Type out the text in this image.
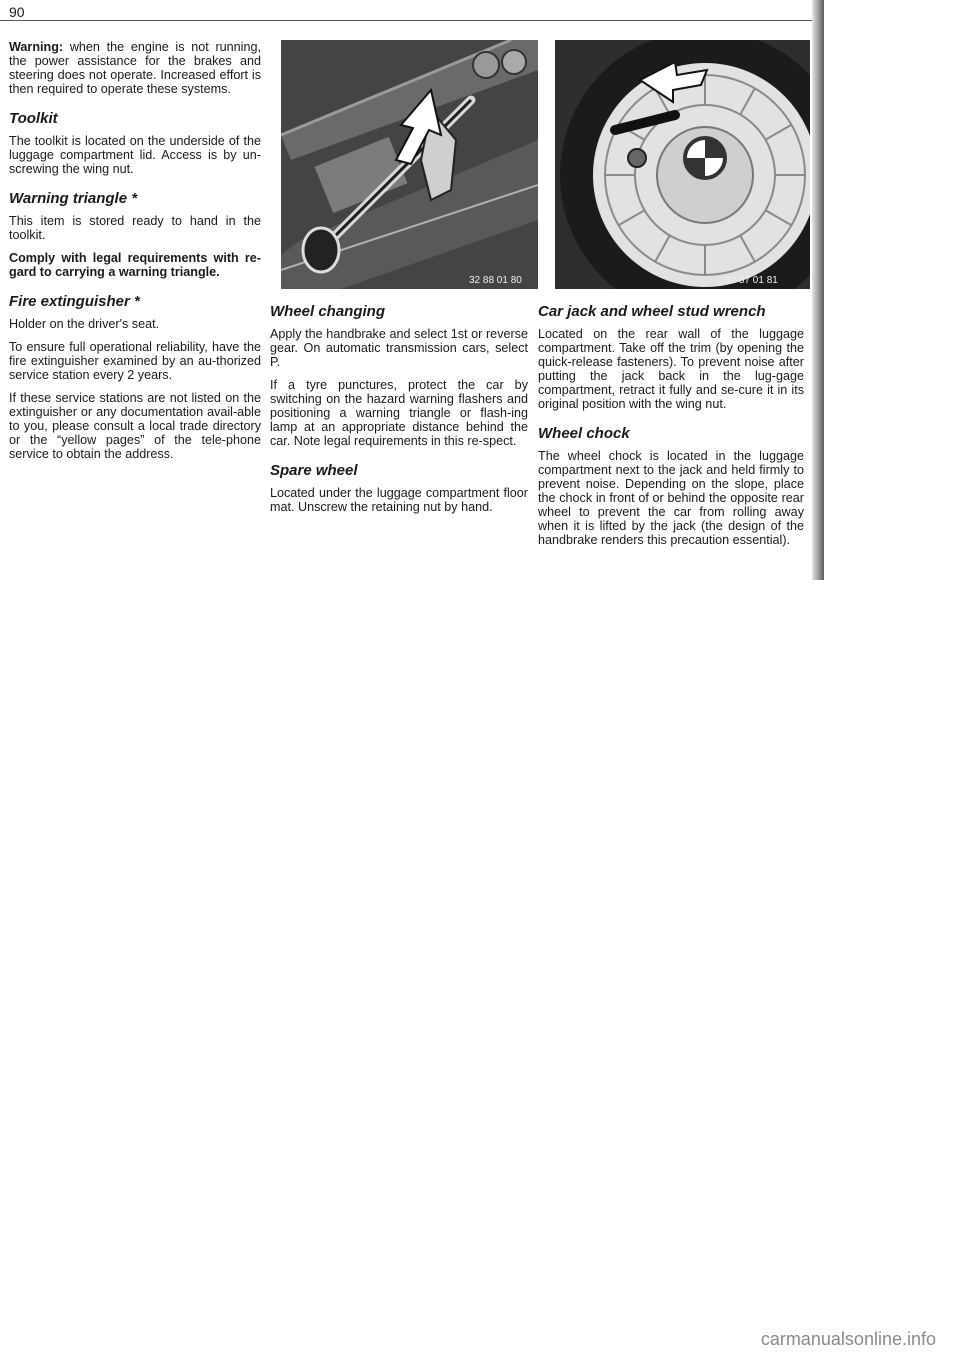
90

Warning: when the engine is not running, the power assistance for the brakes and steering does not operate. Increased effort is then required to operate these systems.

Toolkit

The toolkit is located on the underside of the luggage compartment lid. Access is by un-screwing the wing nut.

Warning triangle *

This item is stored ready to hand in the toolkit.

Comply with legal requirements with re-gard to carrying a warning triangle.

Fire extinguisher *

Holder on the driver's seat.

To ensure full operational reliability, have the fire extinguisher examined by an au-thorized service station every 2 years.

If these service stations are not listed on the extinguisher or any documentation avail-able to you, please consult a local trade directory or the “yellow pages” of the tele-phone service to obtain the address.

32 88 01 80	32 87 01 81
Wheel changing

Apply the handbrake and select 1st or reverse gear. On automatic transmission cars, select P.

If a tyre punctures, protect the car by switching on the hazard warning flashers and positioning a warning triangle or flash-ing lamp at an appropriate distance behind the car. Note legal requirements in this re-spect.

Spare wheel

Located under the luggage compartment floor mat. Unscrew the retaining nut by hand.

Car jack and wheel stud wrench

Located on the rear wall of the luggage compartment. Take off the trim (by opening the quick-release fasteners). To prevent noise after putting the jack back in the lug-gage compartment, retract it fully and se-cure it in its original position with the wing nut.

Wheel chock

The wheel chock is located in the luggage compartment next to the jack and held firmly to prevent noise. Depending on the slope, place the chock in front of or behind the opposite rear wheel to prevent the car from rolling away when it is lifted by the jack (the design of the handbrake renders this precaution essential).

carmanualsonline.info
